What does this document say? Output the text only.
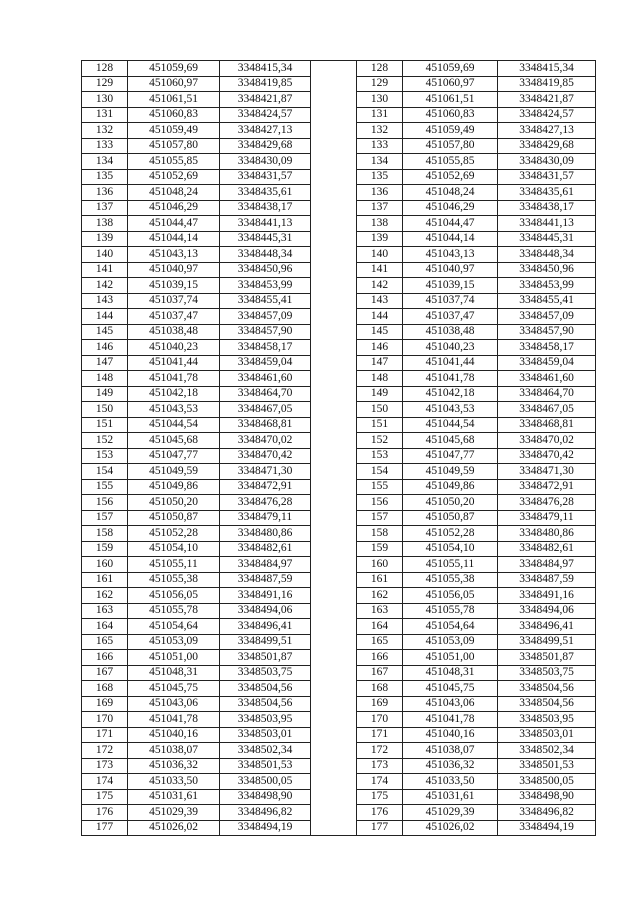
128	451059,69	3348415,34		128	451059,69	3348415,34
129	451060,97	3348419,85		129	451060,97	3348419,85
130	451061,51	3348421,87		130	451061,51	3348421,87
131	451060,83	3348424,57		131	451060,83	3348424,57
132	451059,49	3348427,13		132	451059,49	3348427,13
133	451057,80	3348429,68		133	451057,80	3348429,68
134	451055,85	3348430,09		134	451055,85	3348430,09
135	451052,69	3348431,57		135	451052,69	3348431,57
136	451048,24	3348435,61		136	451048,24	3348435,61
137	451046,29	3348438,17		137	451046,29	3348438,17
138	451044,47	3348441,13		138	451044,47	3348441,13
139	451044,14	3348445,31		139	451044,14	3348445,31
140	451043,13	3348448,34		140	451043,13	3348448,34
141	451040,97	3348450,96		141	451040,97	3348450,96
142	451039,15	3348453,99		142	451039,15	3348453,99
143	451037,74	3348455,41		143	451037,74	3348455,41
144	451037,47	3348457,09		144	451037,47	3348457,09
145	451038,48	3348457,90		145	451038,48	3348457,90
146	451040,23	3348458,17		146	451040,23	3348458,17
147	451041,44	3348459,04		147	451041,44	3348459,04
148	451041,78	3348461,60		148	451041,78	3348461,60
149	451042,18	3348464,70		149	451042,18	3348464,70
150	451043,53	3348467,05		150	451043,53	3348467,05
151	451044,54	3348468,81		151	451044,54	3348468,81
152	451045,68	3348470,02		152	451045,68	3348470,02
153	451047,77	3348470,42		153	451047,77	3348470,42
154	451049,59	3348471,30		154	451049,59	3348471,30
155	451049,86	3348472,91		155	451049,86	3348472,91
156	451050,20	3348476,28		156	451050,20	3348476,28
157	451050,87	3348479,11		157	451050,87	3348479,11
158	451052,28	3348480,86		158	451052,28	3348480,86
159	451054,10	3348482,61		159	451054,10	3348482,61
160	451055,11	3348484,97		160	451055,11	3348484,97
161	451055,38	3348487,59		161	451055,38	3348487,59
162	451056,05	3348491,16		162	451056,05	3348491,16
163	451055,78	3348494,06		163	451055,78	3348494,06
164	451054,64	3348496,41		164	451054,64	3348496,41
165	451053,09	3348499,51		165	451053,09	3348499,51
166	451051,00	3348501,87		166	451051,00	3348501,87
167	451048,31	3348503,75		167	451048,31	3348503,75
168	451045,75	3348504,56		168	451045,75	3348504,56
169	451043,06	3348504,56		169	451043,06	3348504,56
170	451041,78	3348503,95		170	451041,78	3348503,95
171	451040,16	3348503,01		171	451040,16	3348503,01
172	451038,07	3348502,34		172	451038,07	3348502,34
173	451036,32	3348501,53		173	451036,32	3348501,53
174	451033,50	3348500,05		174	451033,50	3348500,05
175	451031,61	3348498,90		175	451031,61	3348498,90
176	451029,39	3348496,82		176	451029,39	3348496,82
177	451026,02	3348494,19		177	451026,02	3348494,19
